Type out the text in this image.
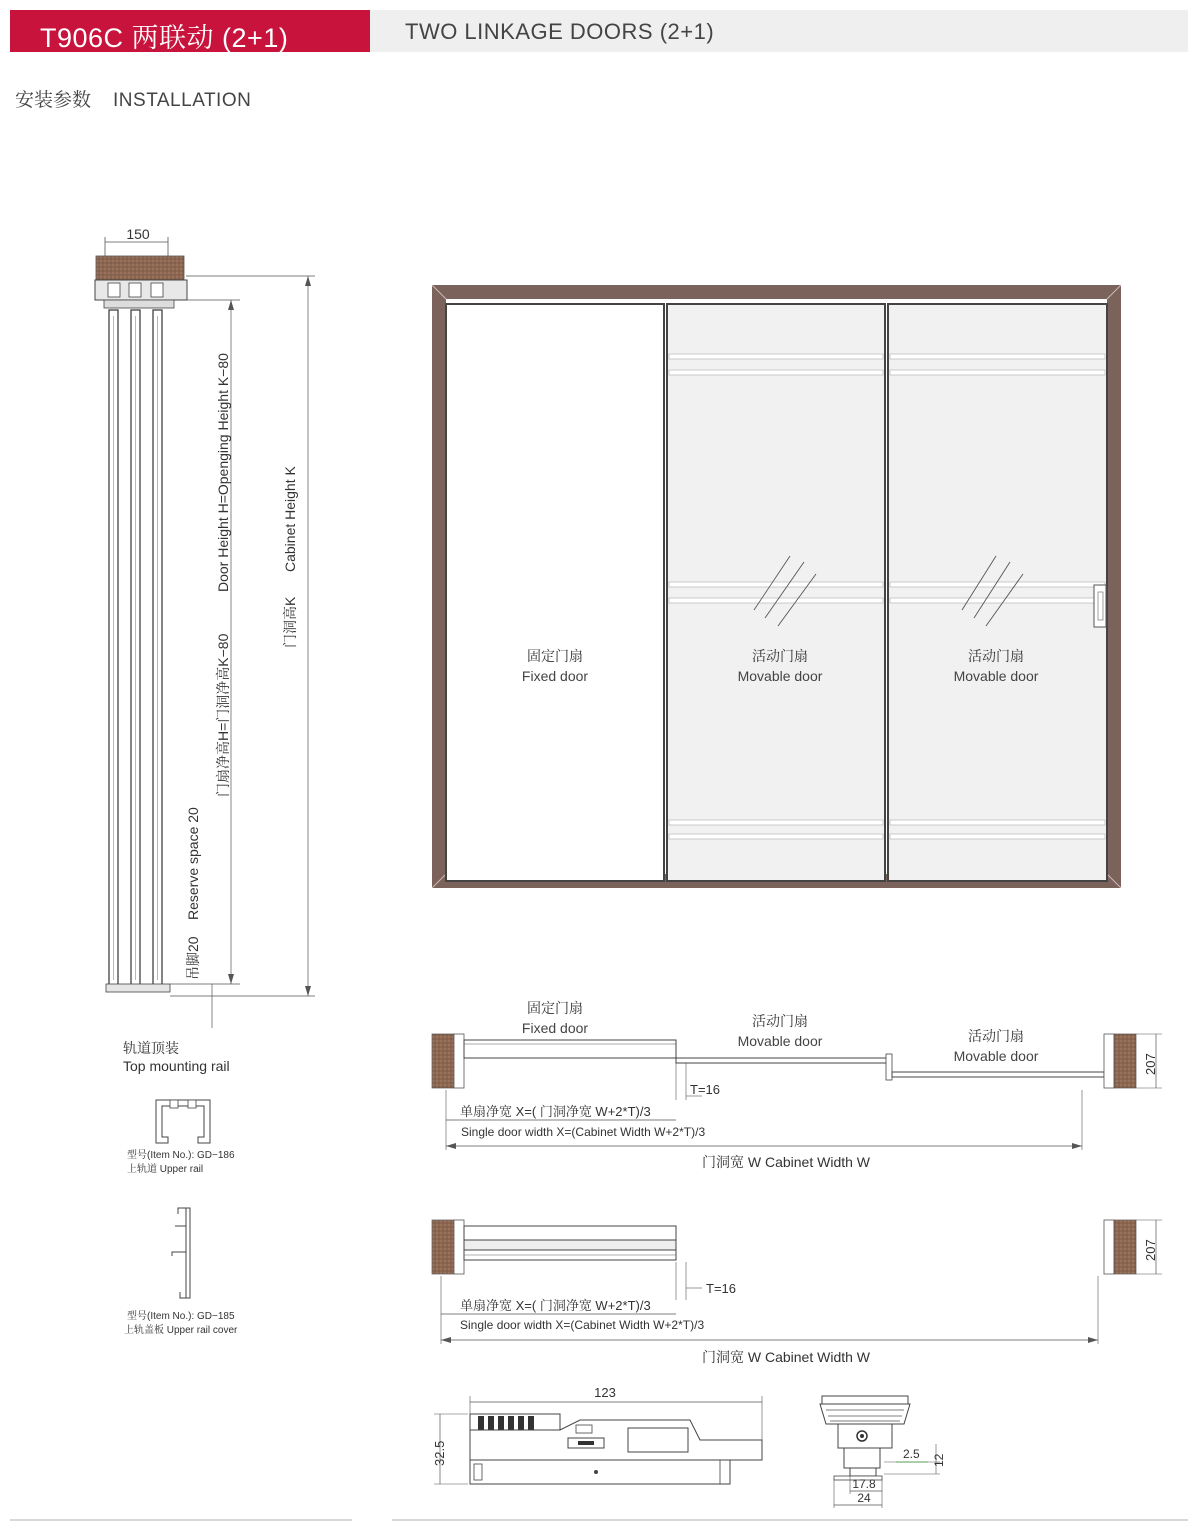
T906C 两联动 (2+1)	TWO LINKAGE DOORS (2+1)
安装参数 INSTALLATION
150
Door Height H=Openging Height K−80
门扇净高H=门洞净高K−80
Cabinet Height K
门洞高K
Reserve space 20
吊脚20
固定门扇
Fixed door
活动门扇
Movable door
活动门扇
Movable door
207
T=16
单扇净宽 X=( 门洞净宽 W+2*T)/3
Single door width X=(Cabinet Width W+2*T)/3
门洞宽 W Cabinet Width W
固定门扇
Fixed door	活动门扇
Movable door	活动门扇
Movable door
207
T=16
单扇净宽 X=( 门洞净宽 W+2*T)/3
Single door width X=(Cabinet Width W+2*T)/3
门洞宽 W Cabinet Width W
轨道顶装
Top mounting rail
型号(Item No.): GD−186
上轨道 Upper rail
型号(Item No.): GD−185
上轨盖板 Upper rail cover
123
32.5	2.5 12
17.8
24
